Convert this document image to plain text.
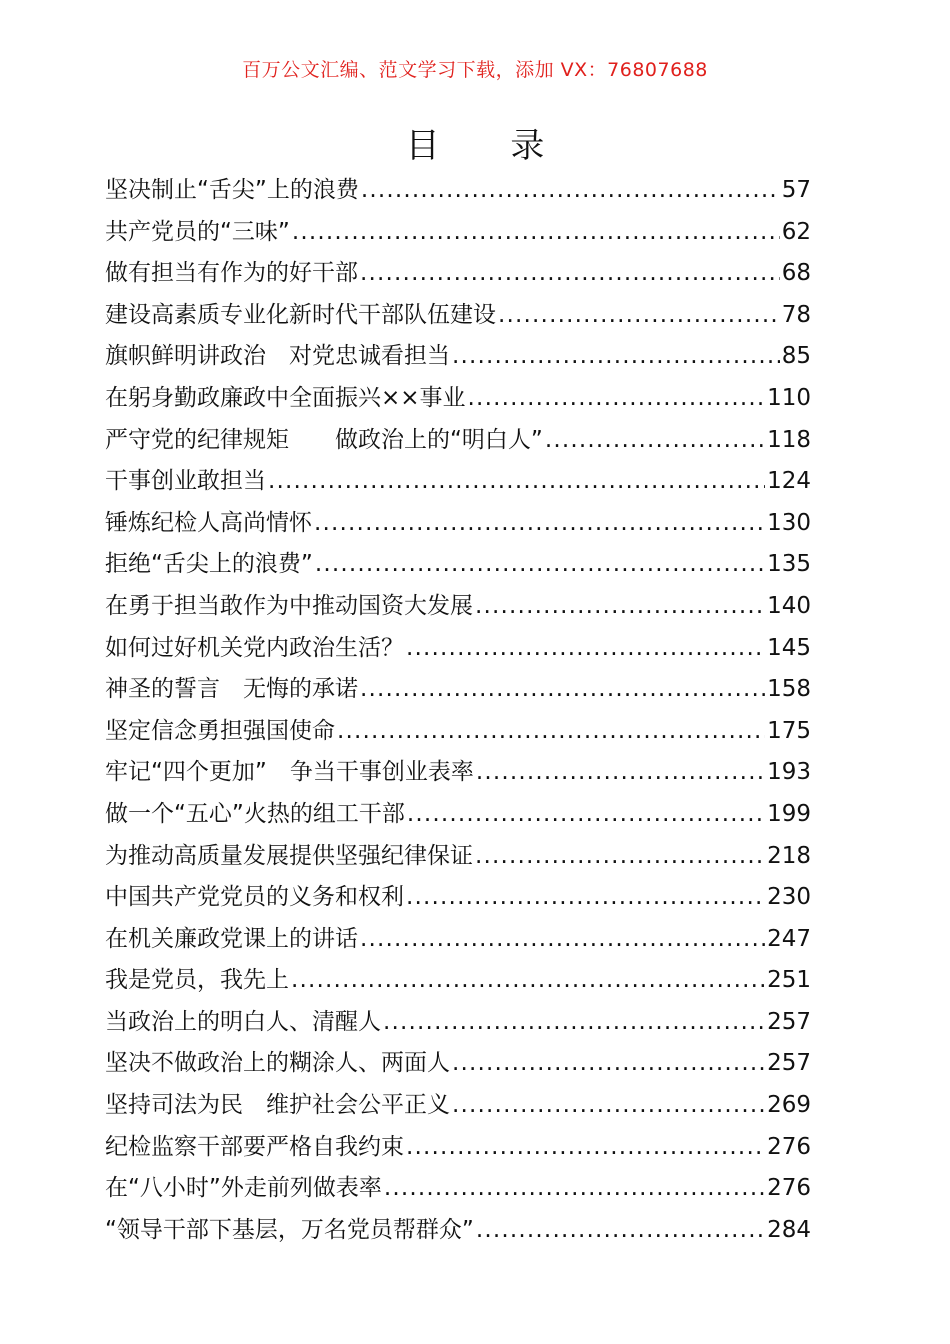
百万公文汇编、范文学习下载，添加 VX：76807688
目 录
坚决制止“舌尖”上的浪费 .....	57
共产党员的“三味” .....	62
做有担当有作为的好干部 .....	68
建设高素质专业化新时代干部队伍建设 .....	78
旗帜鲜明讲政治　对党忠诚看担当 .....	85
在躬身勤政廉政中全面振兴××事业 .....	110
严守党的纪律规矩　　做政治上的“明白人” .....	118
干事创业敢担当 .....	124
锤炼纪检人高尚情怀 .....	130
拒绝“舌尖上的浪费” .....	135
在勇于担当敢作为中推动国资大发展 .....	140
如何过好机关党内政治生活？ .....	145
神圣的誓言　无悔的承诺 .....	158
坚定信念勇担强国使命 .....	175
牢记“四个更加”　争当干事创业表率 .....	193
做一个“五心”火热的组工干部 .....	199
为推动高质量发展提供坚强纪律保证 .....	218
中国共产党党员的义务和权利 .....	230
在机关廉政党课上的讲话 .....	247
我是党员，我先上 .....	251
当政治上的明白人、清醒人 .....	257
坚决不做政治上的糊涂人、两面人 .....	257
坚持司法为民　维护社会公平正义 .....	269
纪检监察干部要严格自我约束 .....	276
在“八小时”外走前列做表率 .....	276
“领导干部下基层，万名党员帮群众” .....	284
